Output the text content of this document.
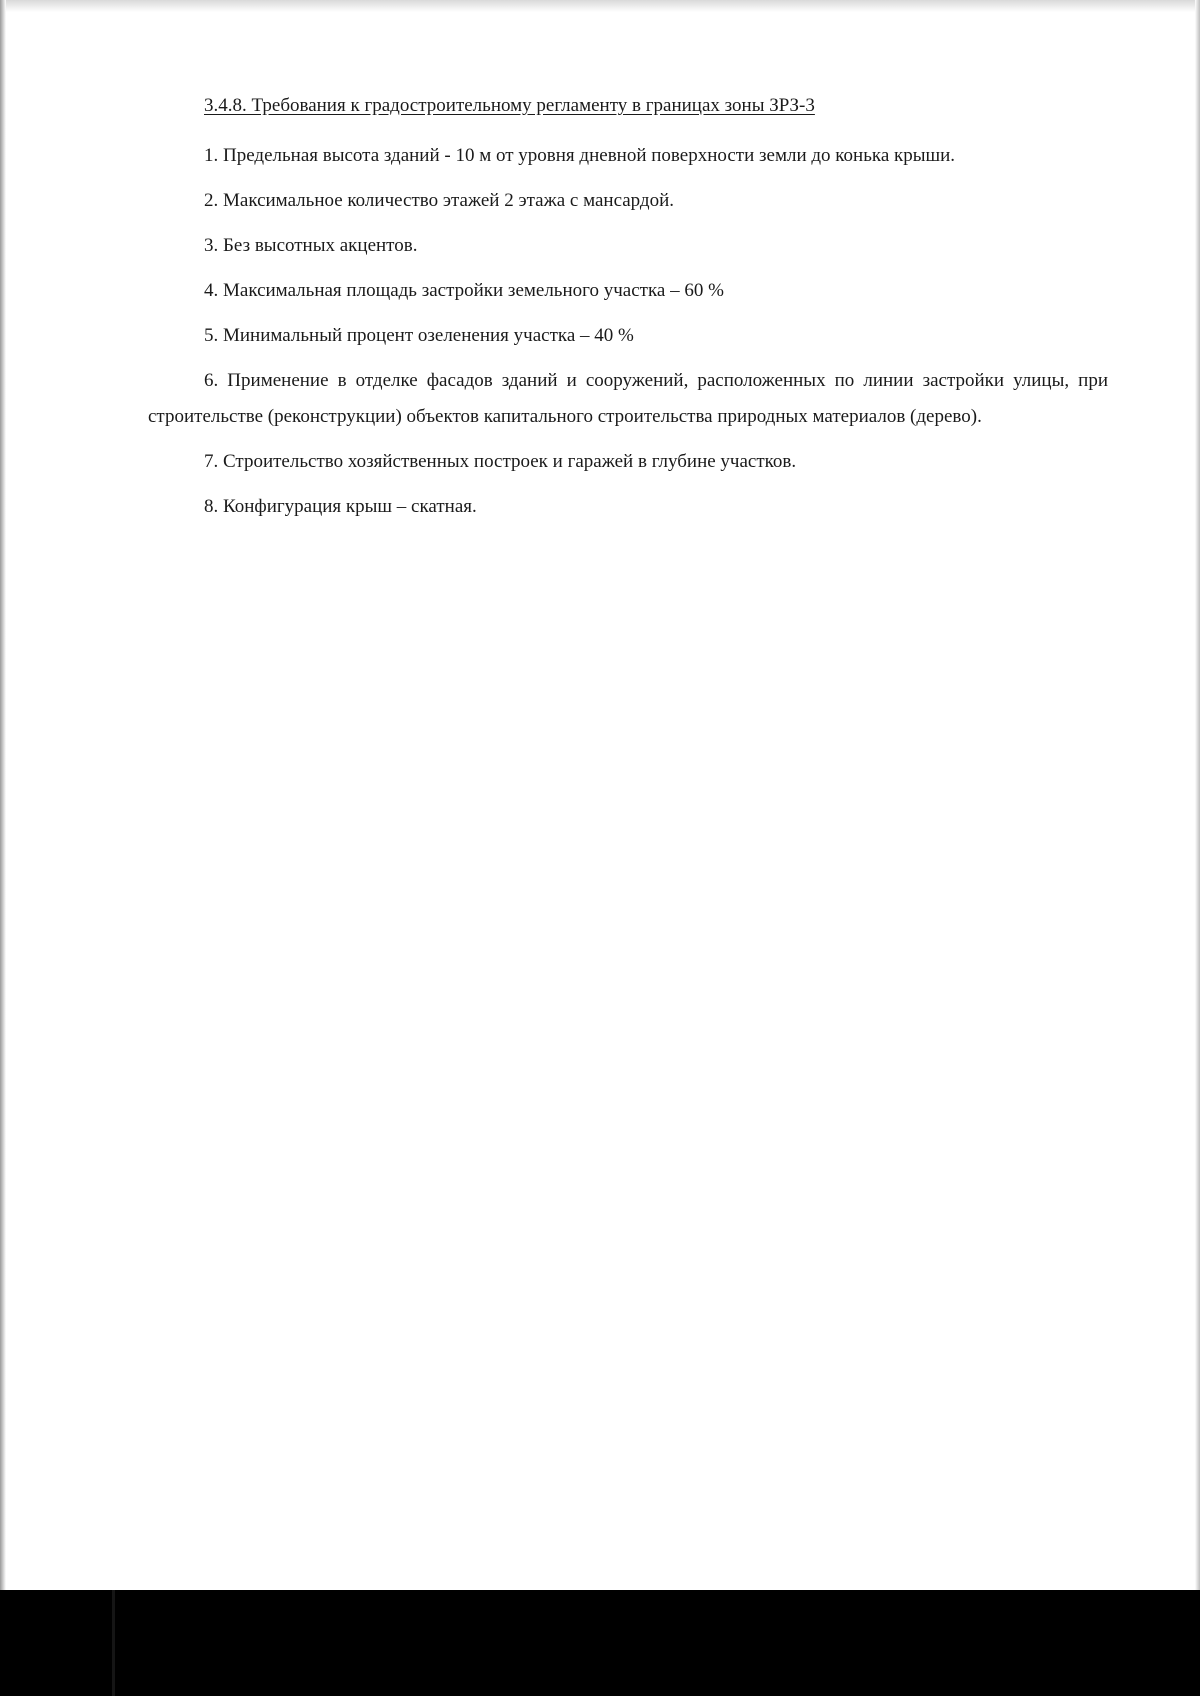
3.4.8. Требования к градостроительному регламенту в границах зоны ЗРЗ-3

1. Предельная высота зданий - 10 м от уровня дневной поверхности земли до конька крыши.

2. Максимальное количество этажей 2 этажа с мансардой.

3. Без высотных акцентов.

4. Максимальная площадь застройки земельного участка – 60 %

5. Минимальный процент озеленения участка – 40 %

6. Применение в отделке фасадов зданий и сооружений, расположенных по линии застройки улицы, при строительстве (реконструкции) объектов капитального строительства природных материалов (дерево).

7. Строительство хозяйственных построек и гаражей в глубине участков.

8. Конфигурация крыш – скатная.
